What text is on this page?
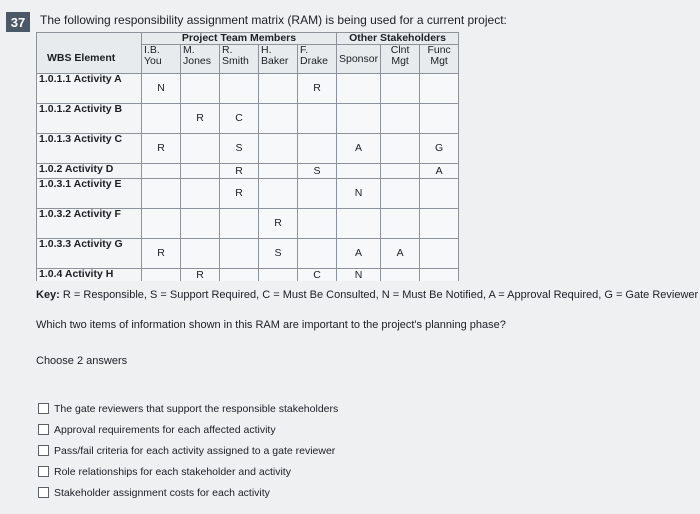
37	The following responsibility assignment matrix (RAM) is being used for a current project:
	Project Team Members					Other Stakeholders		
WBS Element	I.B. You	M. Jones	R. Smith	H. Baker	F. Drake	Sponsor	Clnt Mgt	Func Mgt
1.0.1.1 Activity A	N				R			
1.0.1.2 Activity B		R	C					
1.0.1.3 Activity C	R		S			A		G
1.0.2 Activity D			R		S			A
1.0.3.1 Activity E			R			N		
1.0.3.2 Activity F				R				
1.0.3.3 Activity G	R			S		A	A	
1.0.4 Activity H		R			C	N		
Key: R = Responsible, S = Support Required, C = Must Be Consulted, N = Must Be Notified, A = Approval Required, G = Gate Reviewer
Which two items of information shown in this RAM are important to the project's planning phase?
Choose 2 answers
The gate reviewers that support the responsible stakeholders
Approval requirements for each affected activity
Pass/fail criteria for each activity assigned to a gate reviewer
Role relationships for each stakeholder and activity
Stakeholder assignment costs for each activity
